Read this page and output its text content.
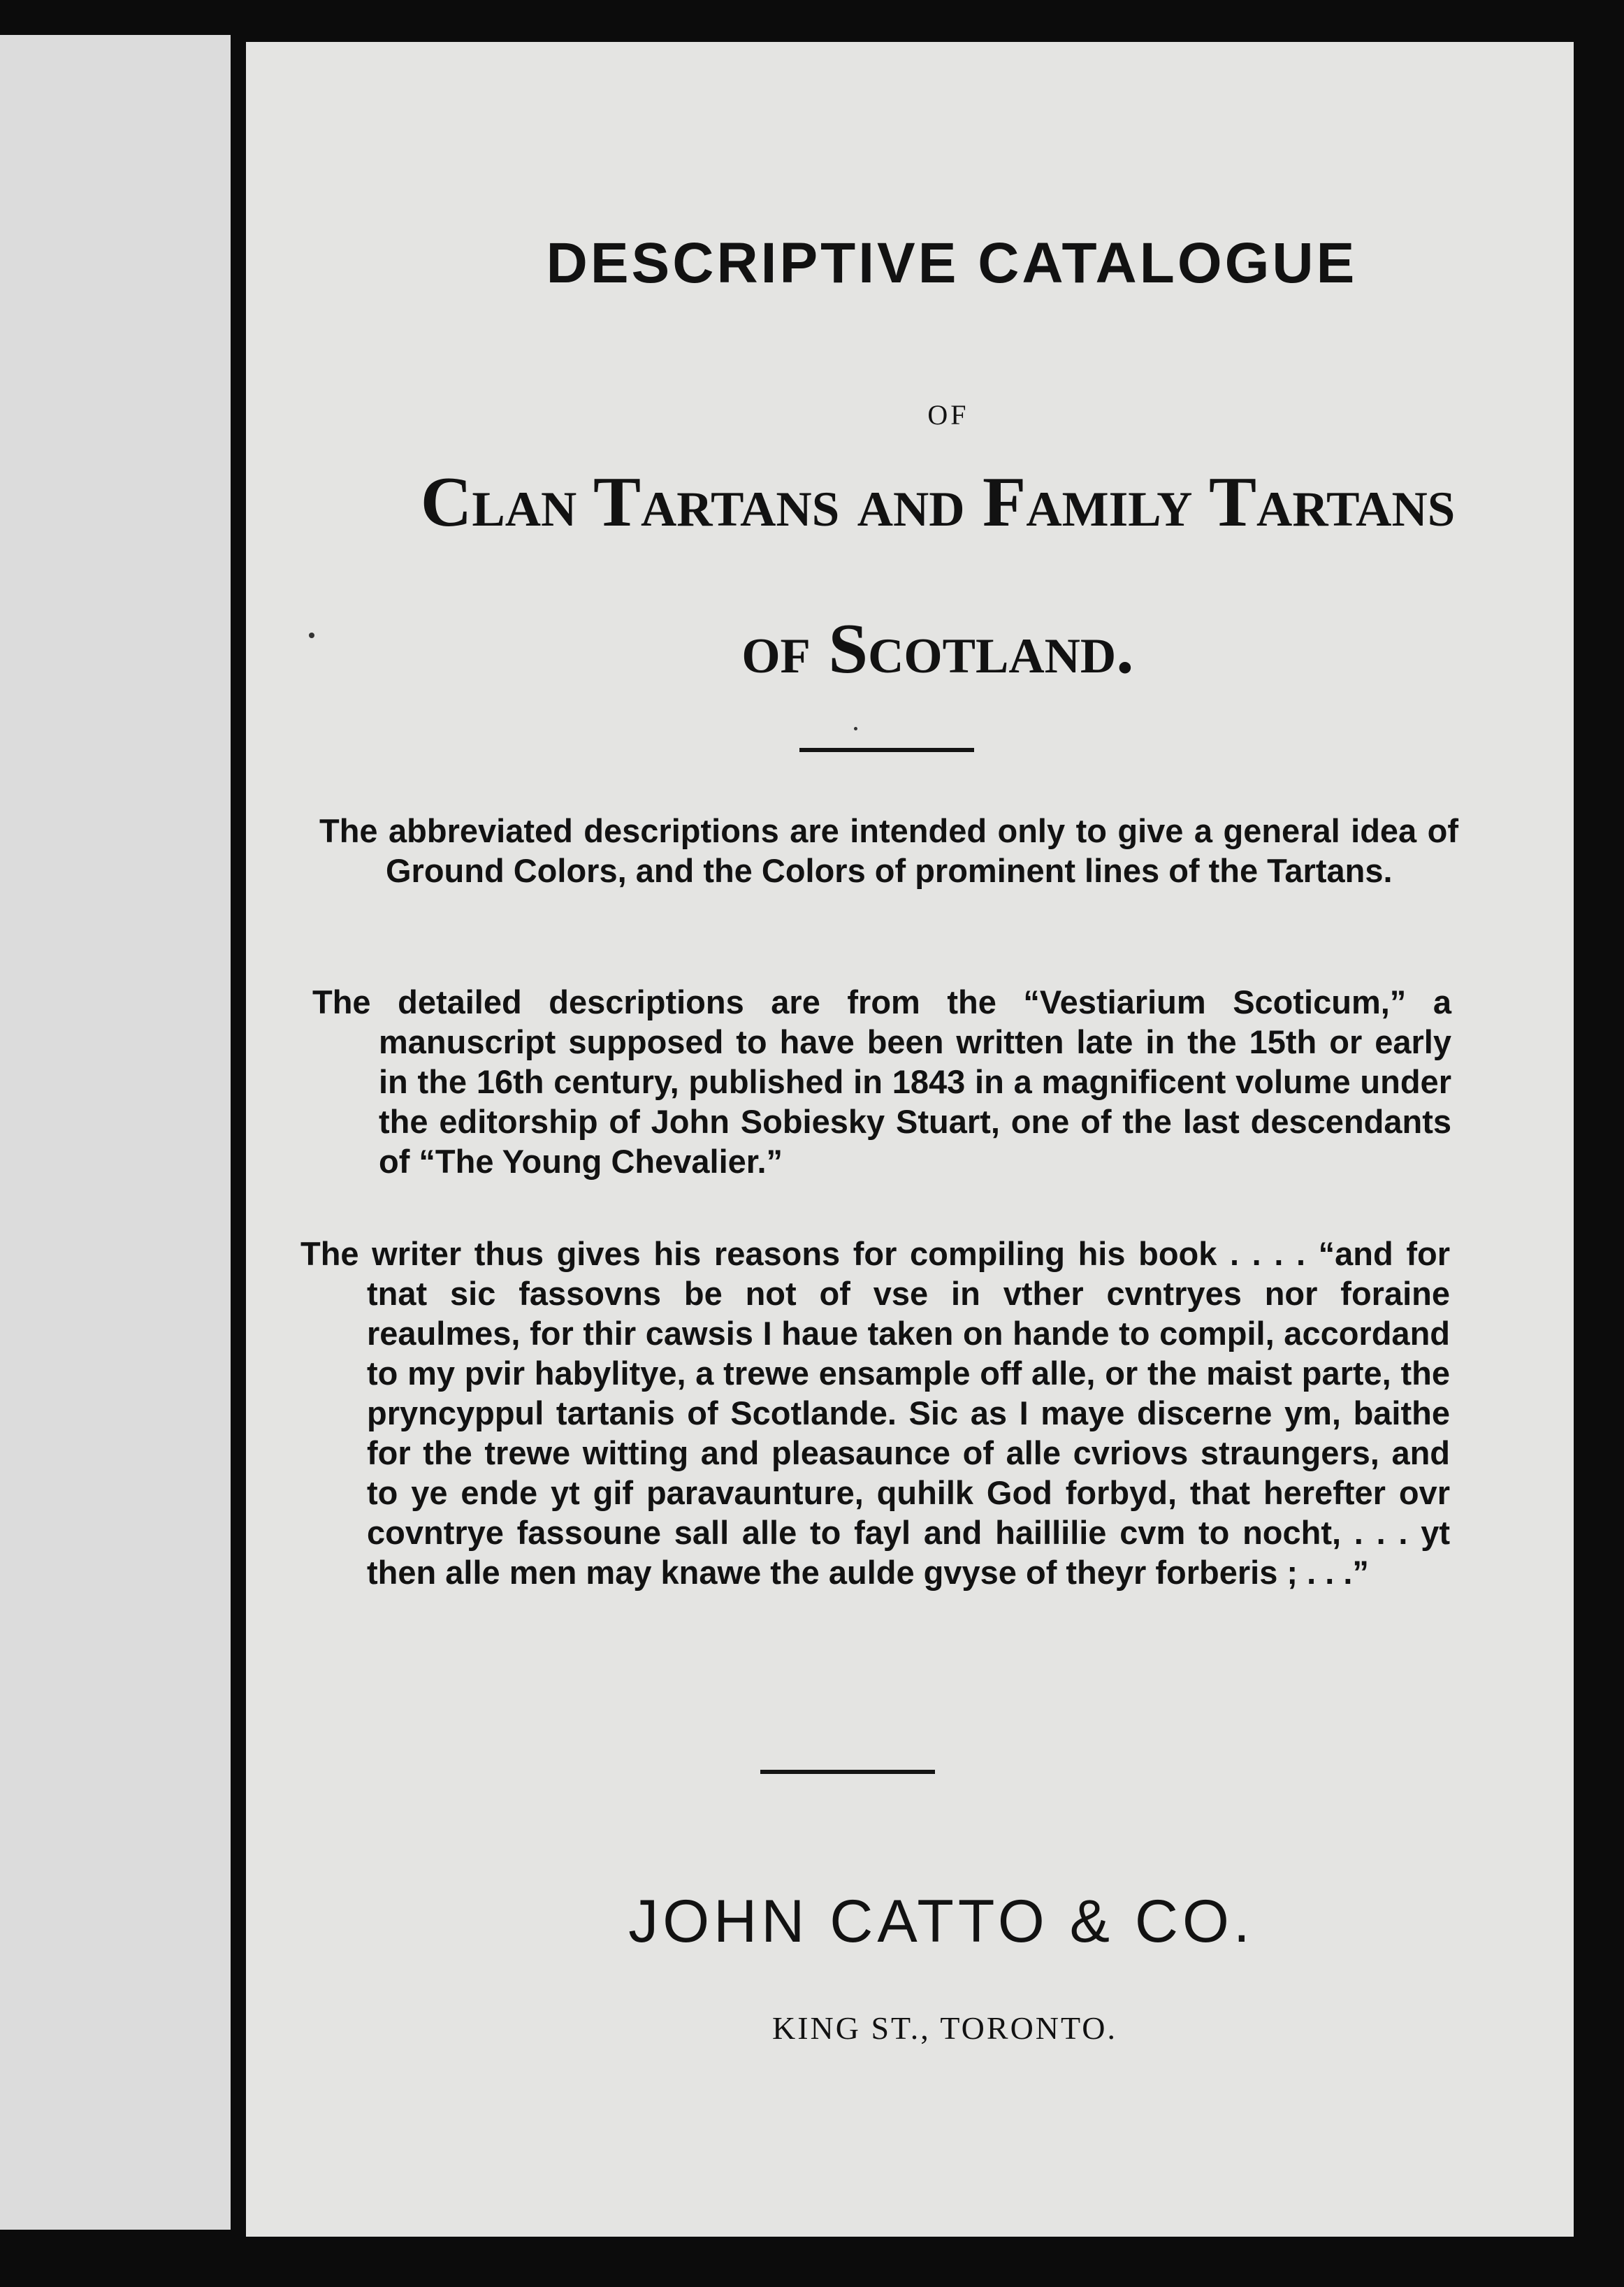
DESCRIPTIVE CATALOGUE
OF
Clan Tartans and Family Tartans
of Scotland.

The abbreviated descriptions are intended only to give a general idea of Ground Colors, and the Colors of prominent lines of the Tartans.

The detailed descriptions are from the “Vestiarium Scoticum,” a manuscript supposed to have been written late in the 15th or early in the 16th century, published in 1843 in a magnificent volume under the editorship of John Sobiesky Stuart, one of the last descendants of “The Young Chevalier.”

The writer thus gives his reasons for compiling his book . . . . “and for tnat sic fassovns be not of vse in vther cvntryes nor foraine reaulmes, for thir cawsis I haue taken on hande to compil, accordand to my pvir habylitye, a trewe ensample off alle, or the maist parte, the pryncyppul tartanis of Scotlande. Sic as I maye discerne ym, baithe for the trewe witting and pleasaunce of alle cvriovs straungers, and to ye ende yt gif paravaunture, quhilk God forbyd, that herefter ovr covntrye fassoune sall alle to fayl and haillilie cvm to nocht, . . . yt then alle men may knawe the aulde gvyse of theyr forberis ; . . .”

JOHN CATTO & CO.
KING ST., TORONTO.
